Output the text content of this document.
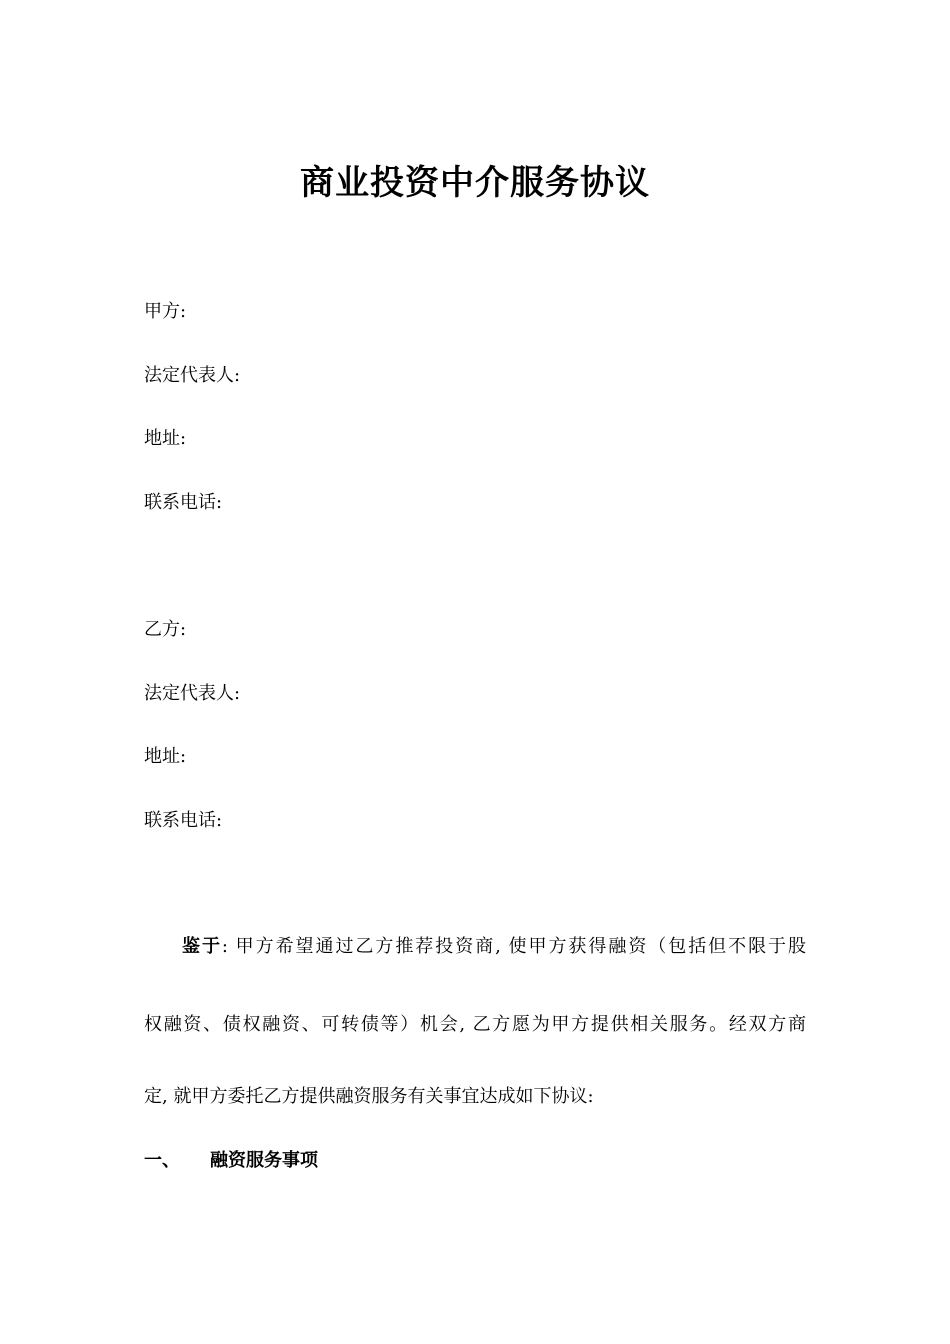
商业投资中介服务协议

甲方:

法定代表人:

地址:

联系电话:

乙方:

法定代表人:

地址:

联系电话:

鉴于: 甲方希望通过乙方推荐投资商, 使甲方获得融资（包括但不限于股

权融资、债权融资、可转债等）机会, 乙方愿为甲方提供相关服务。经双方商

定, 就甲方委托乙方提供融资服务有关事宜达成如下协议:

一、 融资服务事项
